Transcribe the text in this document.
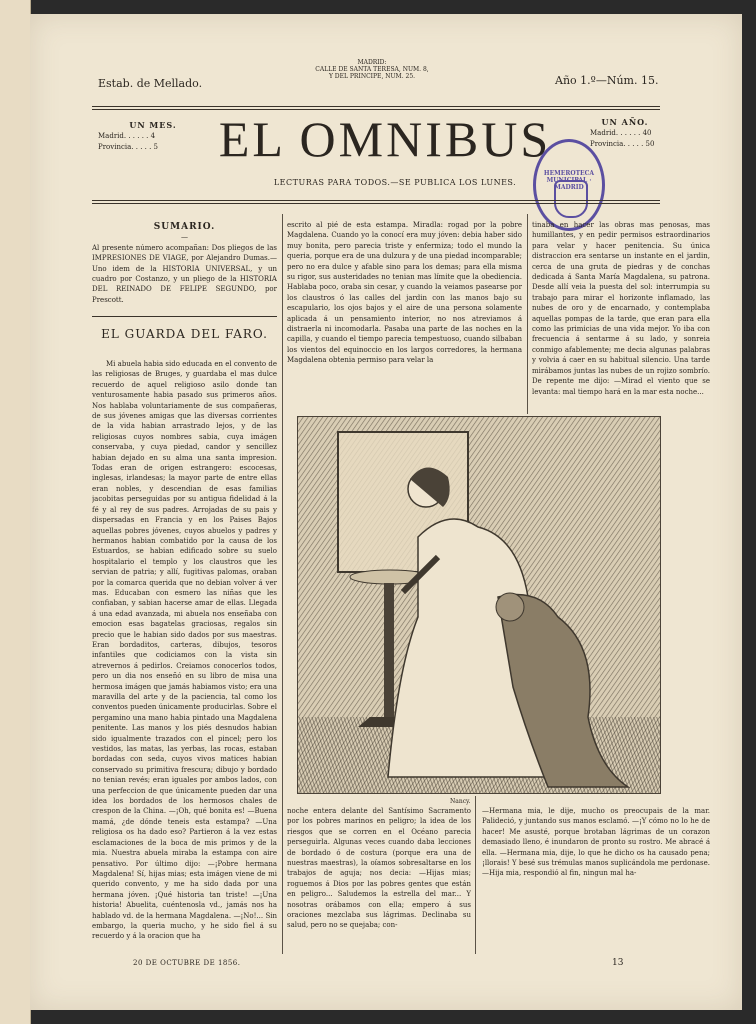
Estab. de Mellado.
MADRID:
CALLE DE SANTA TERESA, NUM. 8,
Y DEL PRINCIPE, NUM. 25.	Año 1.º—Núm. 15.
UN MES.
Madrid. . . . . . 4
Provincia. . . . . 5	EL OMNIBUS
LECTURAS PARA TODOS.—SE PUBLICA LOS LUNES.
UN AÑO.
Madrid. . . . . . 40
Provincia. . . . . 50
HEMEROTECA MUNICIPAL · MADRID
SUMARIO.
—

Al presente número acompañan: Dos pliegos de las IMPRESIONES DE VIAGE, por Alejandro Dumas.—Uno idem de la HISTORIA UNIVERSAL, y un cuadro por Costanzo, y un pliego de la HISTORIA DEL REINADO DE FELIPE SEGUNDO, por Prescott.

EL GUARDA DEL FARO.

Mi abuela habia sido educada en el convento de las religiosas de Bruges, y guardaba el mas dulce recuerdo de aquel religioso asilo donde tan venturosamente habia pasado sus primeros años. Nos hablaba voluntariamente de sus compañeras, de sus jóvenes amigas que las diversas corrientes de la vida habian arrastrado lejos, y de las religiosas cuyos nombres sabia, cuya imágen conservaba, y cuya piedad, candor y sencillez habian dejado en su alma una santa impresion. Todas eran de origen estrangero: escocesas, inglesas, irlandesas; la mayor parte de entre ellas eran nobles, y descendian de esas familias jacobitas perseguidas por su antigua fidelidad á la fé y al rey de sus padres. Arrojadas de su pais y dispersadas en Francia y en los Paises Bajos aquellas pobres jóvenes, cuyos abuelos y padres y hermanos habian combatido por la causa de los Estuardos, se habian edificado sobre su suelo hospitalario el templo y los claustros que les servian de patria; y allí, fugitivas palomas, oraban por la comarca querida que no debian volver á ver mas. Educaban con esmero las niñas que les confiaban, y sabian hacerse amar de ellas. Llegada á una edad avanzada, mi abuela nos enseñaba con emocion esas bagatelas graciosas, regalos sin precio que le habian sido dados por sus maestras. Eran bordaditos, carteras, dibujos, tesoros infantiles que codiciamos con la vista sin atrevernos á pedirlos. Creiamos conocerlos todos, pero un dia nos enseñó en su libro de misa una hermosa imágen que jamás habiamos visto; era una maravilla del arte y de la paciencia, tal como los conventos pueden únicamente producirlas. Sobre el pergamino una mano habia pintado una Magdalena penitente. Las manos y los piés desnudos habian sido igualmente trazados con el pincel; pero los vestidos, las matas, las yerbas, las rocas, estaban bordadas con seda, cuyos vivos matices habian conservado su primitiva frescura; dibujo y bordado no tenian revés; eran iguales por ambos lados, con una perfeccion de que únicamente pueden dar una idea los bordados de los hermosos chales de crespon de la China. —¡Oh, qué bonita es! —Buena mamá, ¿de dónde teneis esta estampa? —Una religiosa os ha dado eso? Partieron á la vez estas esclamaciones de la boca de mis primos y de la mia. Nuestra abuela miraba la estampa con aire pensativo. Por último dijo: —¡Pobre hermana Magdalena! Sí, hijas mias; esta imágen viene de mi querido convento, y me ha sido dada por una hermana jóven. ¡Qué historia tan triste! —¡Una historia! Abuelita, cuéntenosla vd., jamás nos ha hablado vd. de la hermana Magdalena. —¡No!... Sin embargo, la queria mucho, y he sido fiel á su recuerdo y á la oracion que ha

escrito al pié de esta estampa. Miradla: rogad por la pobre Magdalena. Cuando yo la conocí era muy jóven: debia haber sido muy bonita, pero parecia triste y enfermiza; todo el mundo la queria, porque era de una dulzura y de una piedad incomparable; pero no era dulce y afable sino para los demas; para ella misma su rigor, sus austeridades no tenian mas límite que la obediencia. Hablaba poco, oraba sin cesar, y cuando la veiamos pasearse por los claustros ó las calles del jardin con las manos bajo su escapulario, los ojos bajos y el aire de una persona solamente aplicada á un pensamiento interior, no nos atreviamos á distraerla ni incomodarla. Pasaba una parte de las noches en la capilla, y cuando el tiempo parecia tempestuoso, cuando silbaban los vientos del equinoccio en los largos corredores, la hermana Magdalena obtenia permiso para velar la

tinaba en hacer las obras mas penosas, mas humillantes, y en pedir permisos estraordinarios para velar y hacer penitencia. Su única distraccion era sentarse un instante en el jardin, cerca de una gruta de piedras y de conchas dedicada á Santa María Magdalena, su patrona. Desde allí veia la puesta del sol: interrumpia su trabajo para mirar el horizonte inflamado, las nubes de oro y de encarnado, y contemplaba aquellas pompas de la tarde, que eran para ella como las primicias de una vida mejor. Yo iba con frecuencia á sentarme á su lado, y sonreia conmigo afablemente; me decia algunas palabras y volvia á caer en su habitual silencio. Una tarde mirábamos juntas las nubes de un rojizo sombrío. De repente me dijo: —Mirad el viento que se levanta: mal tiempo hará en la mar esta noche...

Nancy.

noche entera delante del Santísimo Sacramento por los pobres marinos en peligro; la idea de los riesgos que se corren en el Océano parecia perseguirla. Algunas veces cuando daba lecciones de bordado ó de costura (porque era una de nuestras maestras), la oíamos sobresaltarse en los trabajos de aguja; nos decia: —Hijas mias; roguemos á Dios por las pobres gentes que están en peligro... Saludemos la estrella del mar... Y nosotras orábamos con ella; empero á sus oraciones mezclaba sus lágrimas. Declinaba su salud, pero no se quejaba; con-

—Hermana mia, le dije, mucho os preocupais de la mar. Palideció, y juntando sus manos esclamó. —¡Y cómo no lo he de hacer! Me asusté, porque brotaban lágrimas de un corazon demasiado lleno, é inundaron de pronto su rostro. Me abracé á ella. —Hermana mia, dije, lo que he dicho os ha causado pena; ¡llorais! Y besé sus trémulas manos suplicándola me perdonase. —Hija mia, respondió al fin, ningun mal ha-

20 DE OCTUBRE DE 1856.	13
